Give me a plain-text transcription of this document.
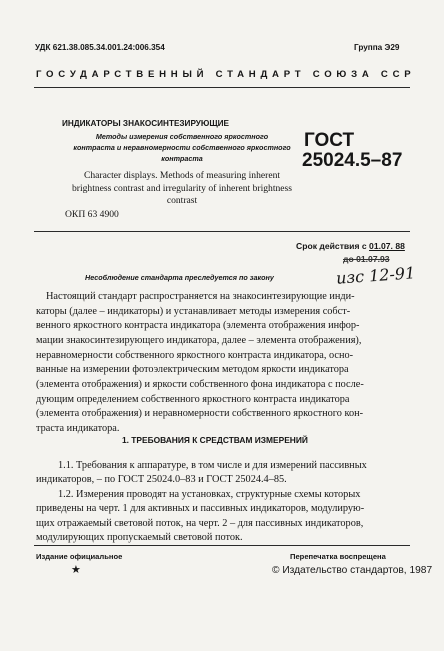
УДК 621.38.085.34.001.24:006.354	Группа Э29
ГОСУДАРСТВЕННЫЙ СТАНДАРТ СОЮЗА ССР
ИНДИКАТОРЫ ЗНАКОСИНТЕЗИРУЮЩИЕ
Методы измерения собственного яркостного
контраста и неравномерности собственного яркостного
контраста
Character displays. Methods of measuring inherent
brightness contrast and irregularity of inherent brightness
contrast
ОКП 63 4900
ГОСТ
25024.5–87
Срок действия с 01.07. 88
до 01.07.93
Несоблюдение стандарта преследуется по закону	изс 12-91
Настоящий стандарт распространяется на знакосинтезирующие инди-
каторы (далее – индикаторы) и устанавливает методы измерения собст-
венного яркостного контраста индикатора (элемента отображения инфор-
мации знакосинтезирующего индикатора, далее – элемента отображения),
неравномерности собственного яркостного контраста индикатора, осно-
ванные на измерении фотоэлектрическим методом яркости индикатора
(элемента отображения) и яркости собственного фона индикатора с после-
дующим определением собственного яркостного контраста индикатора
(элемента отображения) и неравномерности собственного яркостного кон-
траста индикатора.
1. ТРЕБОВАНИЯ К СРЕДСТВАМ ИЗМЕРЕНИЙ
1.1. Требования к аппаратуре, в том числе и для измерений пассивных
индикаторов, – по ГОСТ 25024.0–83 и ГОСТ 25024.4–85.
1.2. Измерения проводят на установках, структурные схемы которых
приведены на черт. 1 для активных и пассивных индикаторов, модулирую-
щих отражаемый световой поток, на черт. 2 – для пассивных индикаторов,
модулирующих пропускаемый световой поток.
Издание официальное	Перепечатка воспрещена
★	© Издательство стандартов, 1987
